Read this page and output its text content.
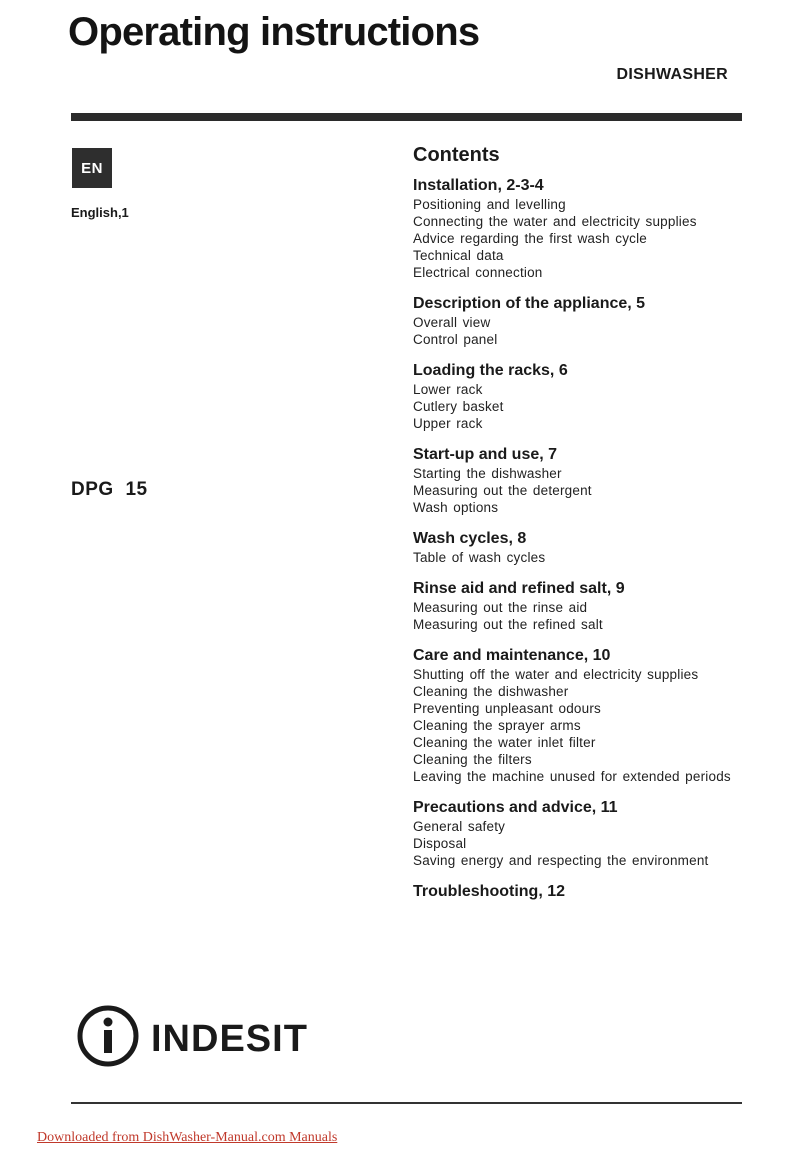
Operating instructions
DISHWASHER
EN
English,1
DPG 15
Contents
Installation, 2-3-4
Positioning and levelling
Connecting the water and electricity supplies
Advice regarding the first wash cycle
Technical data
Electrical connection
Description of the appliance, 5
Overall view
Control panel
Loading the racks, 6
Lower rack
Cutlery basket
Upper rack
Start-up and use, 7
Starting the dishwasher
Measuring out the detergent
Wash options
Wash cycles, 8
Table of wash cycles
Rinse aid and refined salt, 9
Measuring out the rinse aid
Measuring out the refined salt
Care and maintenance, 10
Shutting off the water and electricity supplies
Cleaning the dishwasher
Preventing unpleasant odours
Cleaning the sprayer arms
Cleaning the water inlet filter
Cleaning the filters
Leaving the machine unused for extended periods
Precautions and advice, 11
General safety
Disposal
Saving energy and respecting the environment
Troubleshooting, 12
INDESIT
Downloaded from DishWasher-Manual.com Manuals
